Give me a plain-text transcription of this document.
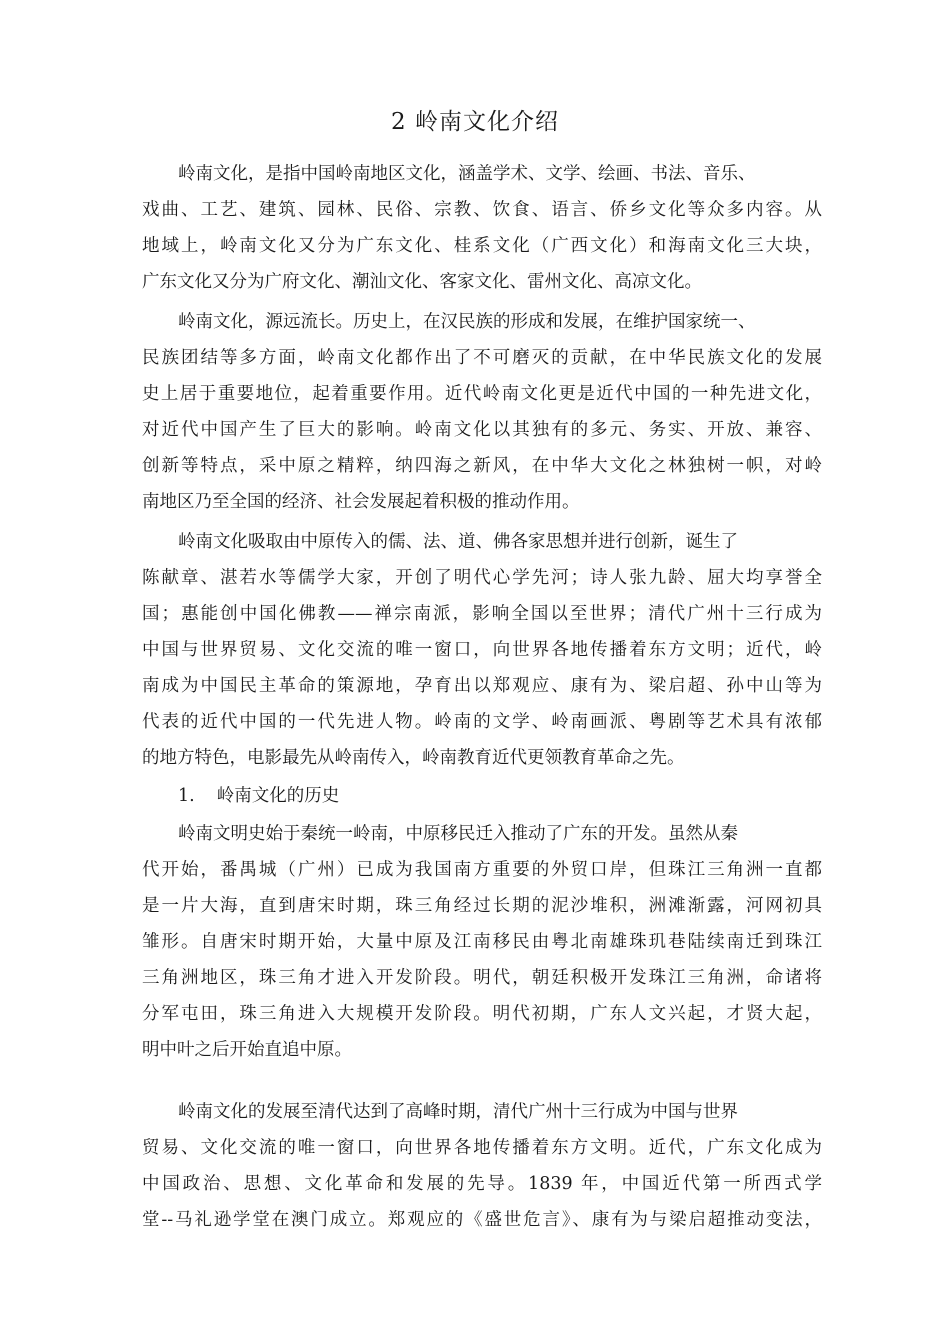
2 岭南文化介绍
岭南文化，是指中国岭南地区文化，涵盖学术、文学、绘画、书法、音乐、
戏曲、工艺、建筑、园林、民俗、宗教、饮食、语言、侨乡文化等众多内容。从
地域上，岭南文化又分为广东文化、桂系文化（广西文化）和海南文化三大块，
广东文化又分为广府文化、潮汕文化、客家文化、雷州文化、高凉文化。
岭南文化，源远流长。历史上，在汉民族的形成和发展，在维护国家统一、
民族团结等多方面，岭南文化都作出了不可磨灭的贡献，在中华民族文化的发展
史上居于重要地位，起着重要作用。近代岭南文化更是近代中国的一种先进文化，
对近代中国产生了巨大的影响。岭南文化以其独有的多元、务实、开放、兼容、
创新等特点，采中原之精粹，纳四海之新风，在中华大文化之林独树一帜，对岭
南地区乃至全国的经济、社会发展起着积极的推动作用。
岭南文化吸取由中原传入的儒、法、道、佛各家思想并进行创新，诞生了
陈献章、湛若水等儒学大家，开创了明代心学先河；诗人张九龄、屈大均享誉全
国；惠能创中国化佛教——禅宗南派，影响全国以至世界；清代广州十三行成为
中国与世界贸易、文化交流的唯一窗口，向世界各地传播着东方文明；近代，岭
南成为中国民主革命的策源地，孕育出以郑观应、康有为、梁启超、孙中山等为
代表的近代中国的一代先进人物。岭南的文学、岭南画派、粤剧等艺术具有浓郁
的地方特色，电影最先从岭南传入，岭南教育近代更领教育革命之先。
1. 岭南文化的历史
岭南文明史始于秦统一岭南，中原移民迁入推动了广东的开发。虽然从秦
代开始，番禺城（广州）已成为我国南方重要的外贸口岸，但珠江三角洲一直都
是一片大海，直到唐宋时期，珠三角经过长期的泥沙堆积，洲滩渐露，河网初具
雏形。自唐宋时期开始，大量中原及江南移民由粤北南雄珠玑巷陆续南迁到珠江
三角洲地区，珠三角才进入开发阶段。明代，朝廷积极开发珠江三角洲，命诸将
分军屯田，珠三角进入大规模开发阶段。明代初期，广东人文兴起，才贤大起，
明中叶之后开始直追中原。
岭南文化的发展至清代达到了高峰时期，清代广州十三行成为中国与世界
贸易、文化交流的唯一窗口，向世界各地传播着东方文明。近代，广东文化成为
中国政治、思想、文化革命和发展的先导。1839 年，中国近代第一所西式学
堂--马礼逊学堂在澳门成立。郑观应的《盛世危言》、康有为与梁启超推动变法，
